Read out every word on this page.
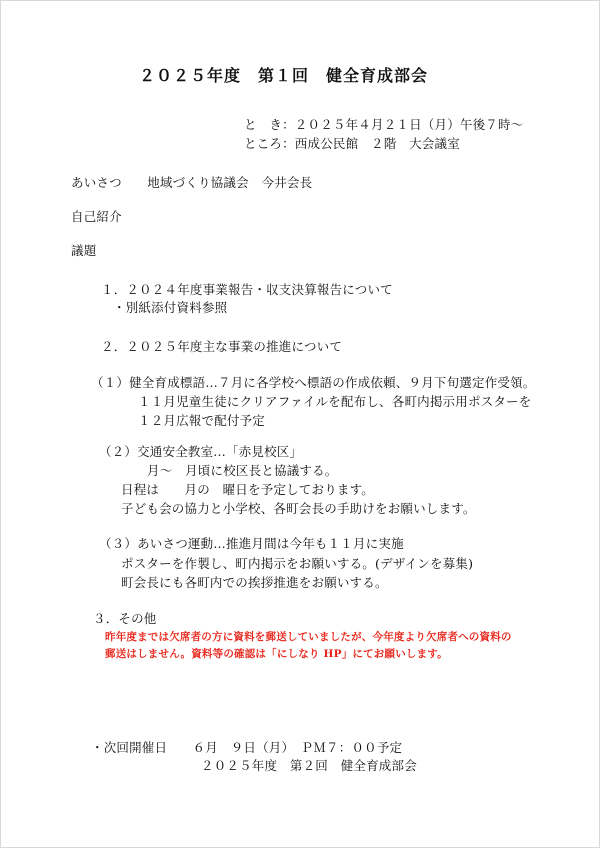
２０２５年度　第１回　健全育成部会
と　き：２０２５年４月２１日（月）午後７時～
ところ：西成公民館　２階　大会議室
あいさつ　　地域づくり協議会　今井会長
自己紹介
議題
１．２０２４年度事業報告・収支決算報告について
・別紙添付資料参照
２．２０２５年度主な事業の推進について
（１）健全育成標語…７月に各学校へ標語の作成依頼、９月下旬選定作受領。
１１月児童生徒にクリアファイルを配布し、各町内掲示用ポスターを
１２月広報で配付予定
（２）交通安全教室…「赤見校区」
月～　月頃に校区長と協議する。
日程は　　月の　曜日を予定しております。
子ども会の協力と小学校、各町会長の手助けをお願いします。
（３）あいさつ運動…推進月間は今年も１１月に実施
ポスターを作製し、町内掲示をお願いする。(デザインを募集)
町会長にも各町内での挨拶推進をお願いする。
３．その他
昨年度までは欠席者の方に資料を郵送していましたが、今年度より欠席者への資料の
郵送はしません。資料等の確認は「にしなり HP」にてお願いします。
・次回開催日　　６月　９日（月）　ＰＭ７：００予定
２０２５年度　第２回　健全育成部会
